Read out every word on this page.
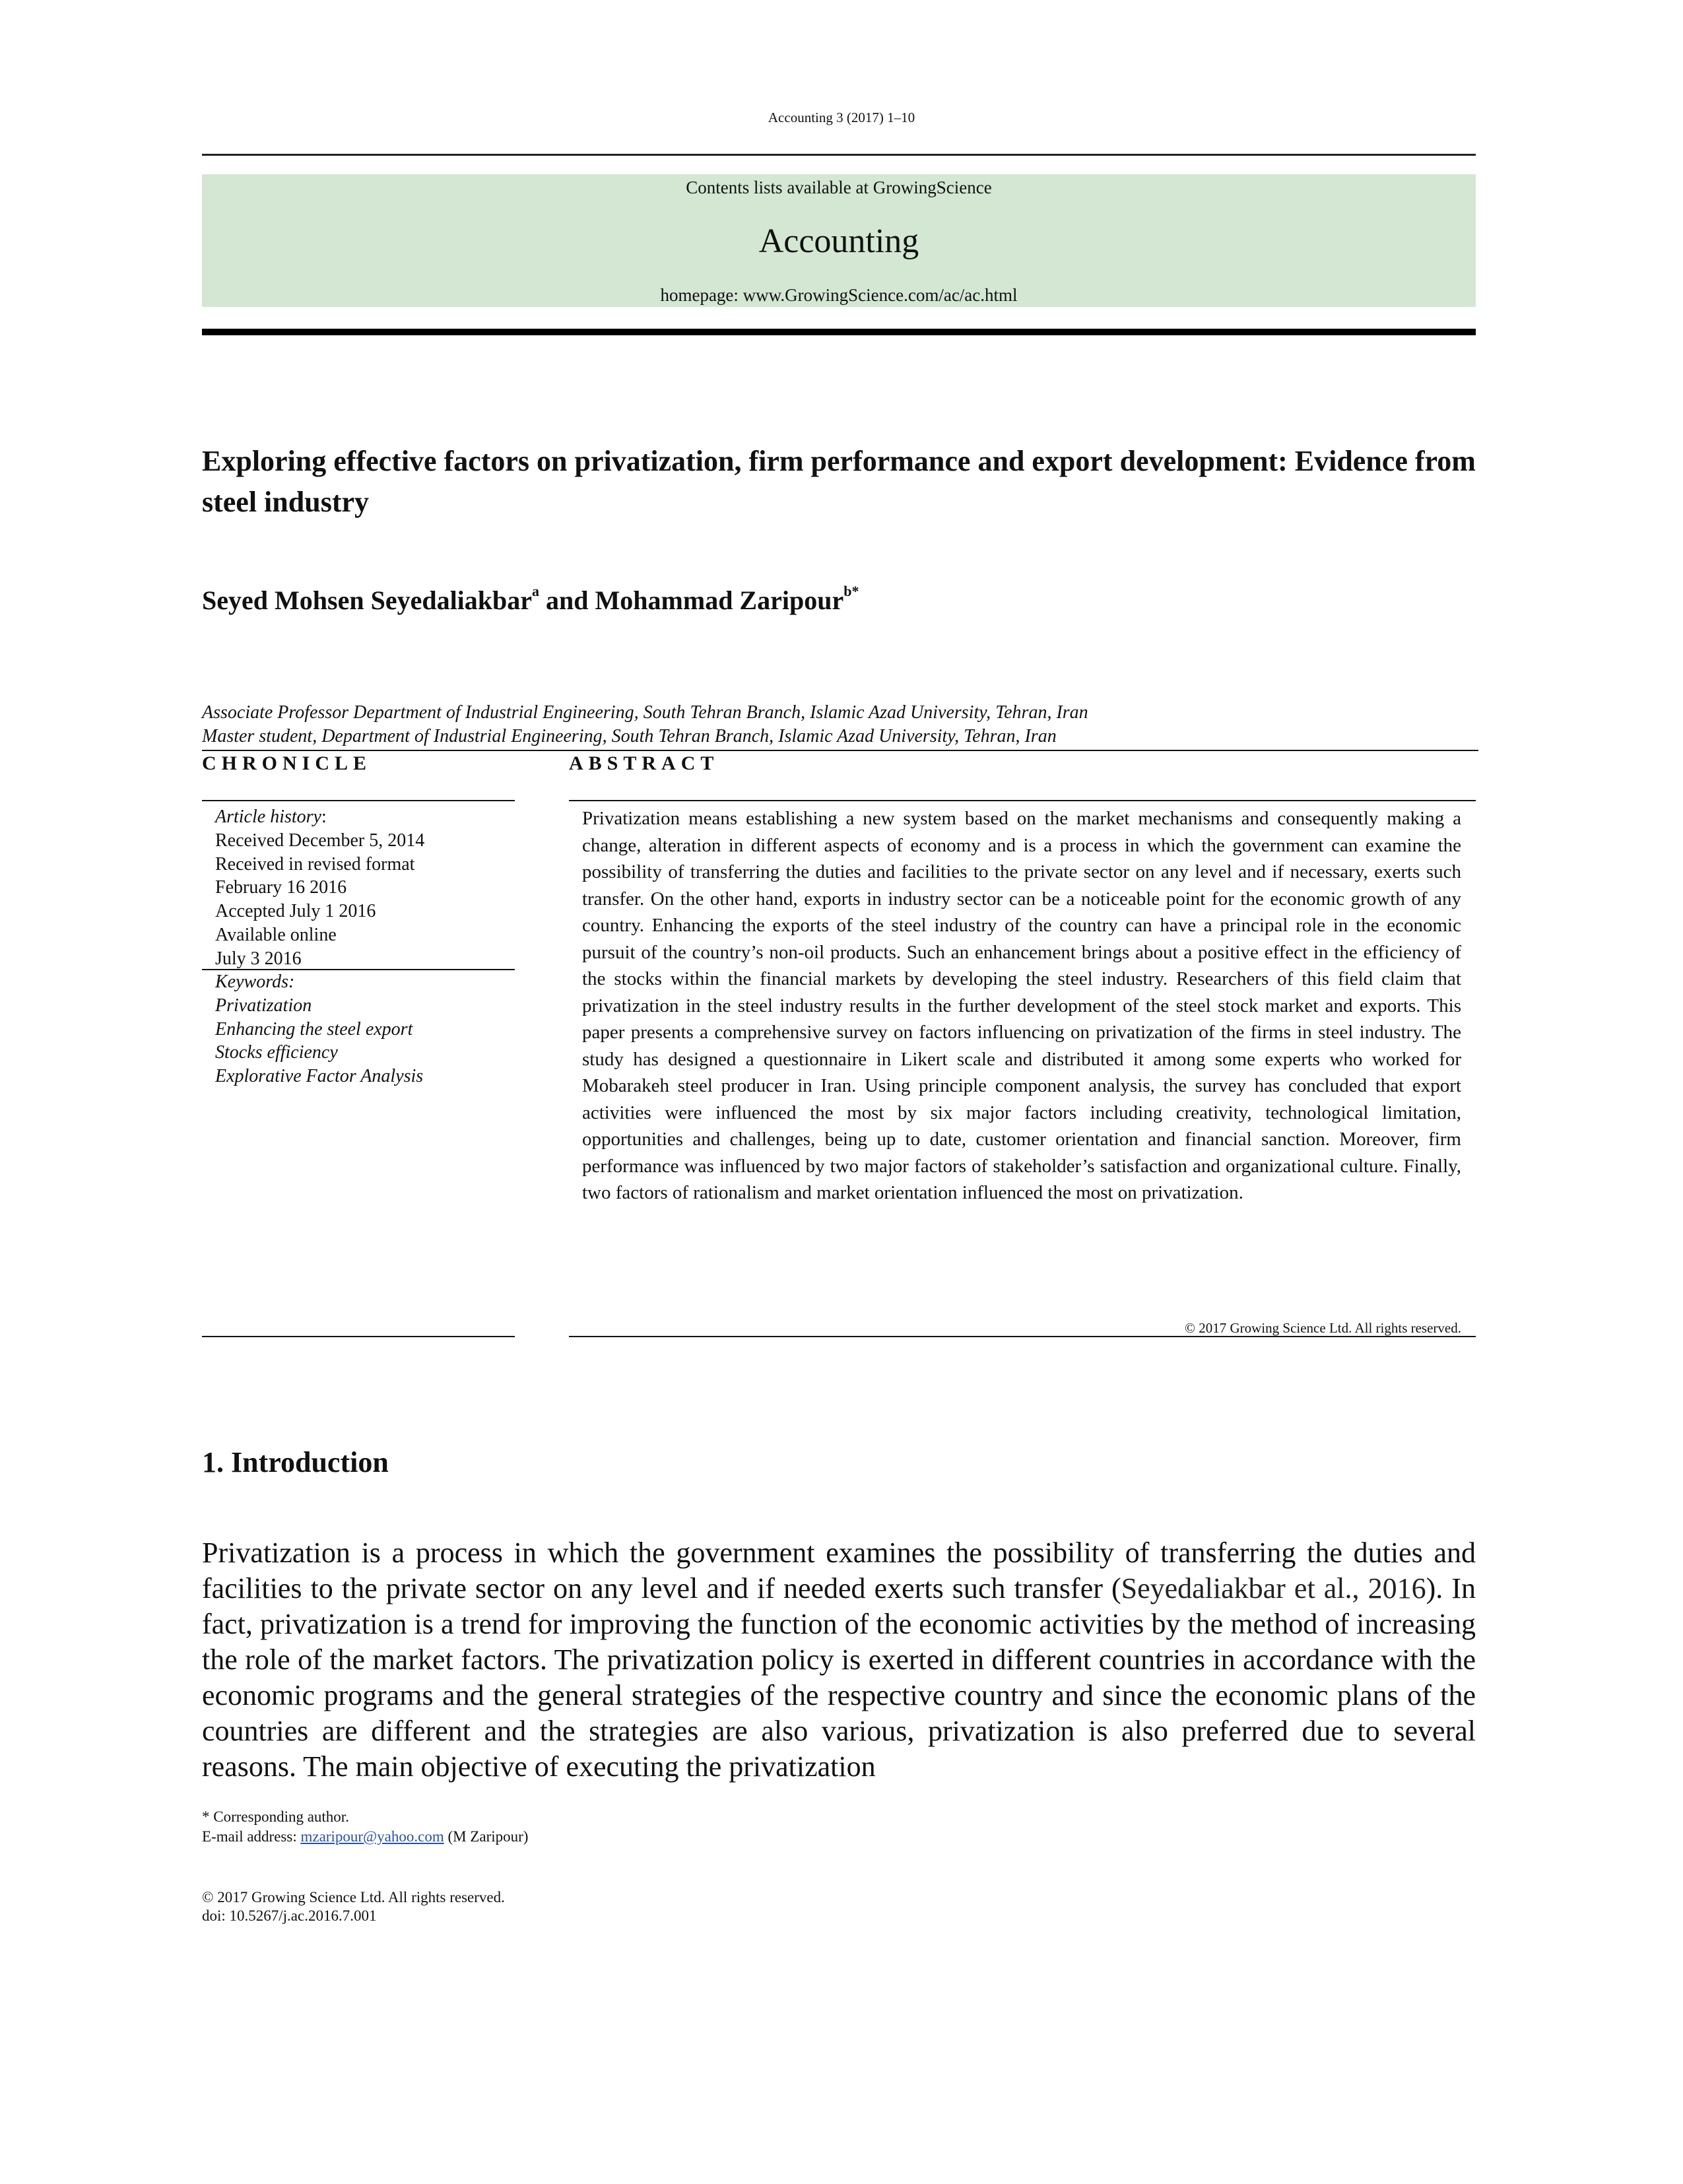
Accounting 3 (2017) 1–10
Contents lists available at GrowingScience
Accounting
homepage: www.GrowingScience.com/ac/ac.html
Exploring effective factors on privatization, firm performance and export development: Evidence from steel industry
Seyed Mohsen Seyedaliakbar$^a$ and Mohammad Zaripour$^{b*}$
Associate Professor Department of Industrial Engineering, South Tehran Branch, Islamic Azad University, Tehran, Iran
Master student, Department of Industrial Engineering, South Tehran Branch, Islamic Azad University, Tehran, Iran
CHRONICLE	ABSTRACT
Article history:
Received December 5, 2014
Received in revised format
February 16 2016
Accepted July 1 2016
Available online
July 3 2016
Keywords:
Privatization
Enhancing the steel export
Stocks efficiency
Explorative Factor Analysis
Privatization means establishing a new system based on the market mechanisms and consequently making a change, alteration in different aspects of economy and is a process in which the government can examine the possibility of transferring the duties and facilities to the private sector on any level and if necessary, exerts such transfer. On the other hand, exports in industry sector can be a noticeable point for the economic growth of any country. Enhancing the exports of the steel industry of the country can have a principal role in the economic pursuit of the country’s non-oil products. Such an enhancement brings about a positive effect in the efficiency of the stocks within the financial markets by developing the steel industry. Researchers of this field claim that privatization in the steel industry results in the further development of the steel stock market and exports. This paper presents a comprehensive survey on factors influencing on privatization of the firms in steel industry. The study has designed a questionnaire in Likert scale and distributed it among some experts who worked for Mobarakeh steel producer in Iran. Using principle component analysis, the survey has concluded that export activities were influenced the most by six major factors including creativity, technological limitation, opportunities and challenges, being up to date, customer orientation and financial sanction. Moreover, firm performance was influenced by two major factors of stakeholder’s satisfaction and organizational culture. Finally, two factors of rationalism and market orientation influenced the most on privatization.
© 2017 Growing Science Ltd. All rights reserved.
1. Introduction
Privatization is a process in which the government examines the possibility of transferring the duties and facilities to the private sector on any level and if needed exerts such transfer (Seyedaliakbar et al., 2016). In fact, privatization is a trend for improving the function of the economic activities by the method of increasing the role of the market factors. The privatization policy is exerted in different countries in accordance with the economic programs and the general strategies of the respective country and since the economic plans of the countries are different and the strategies are also various, privatization is also preferred due to several reasons. The main objective of executing the privatization
* Corresponding author.
E-mail address: mzaripour@yahoo.com (M Zaripour)
© 2017 Growing Science Ltd. All rights reserved.
doi: 10.5267/j.ac.2016.7.001
